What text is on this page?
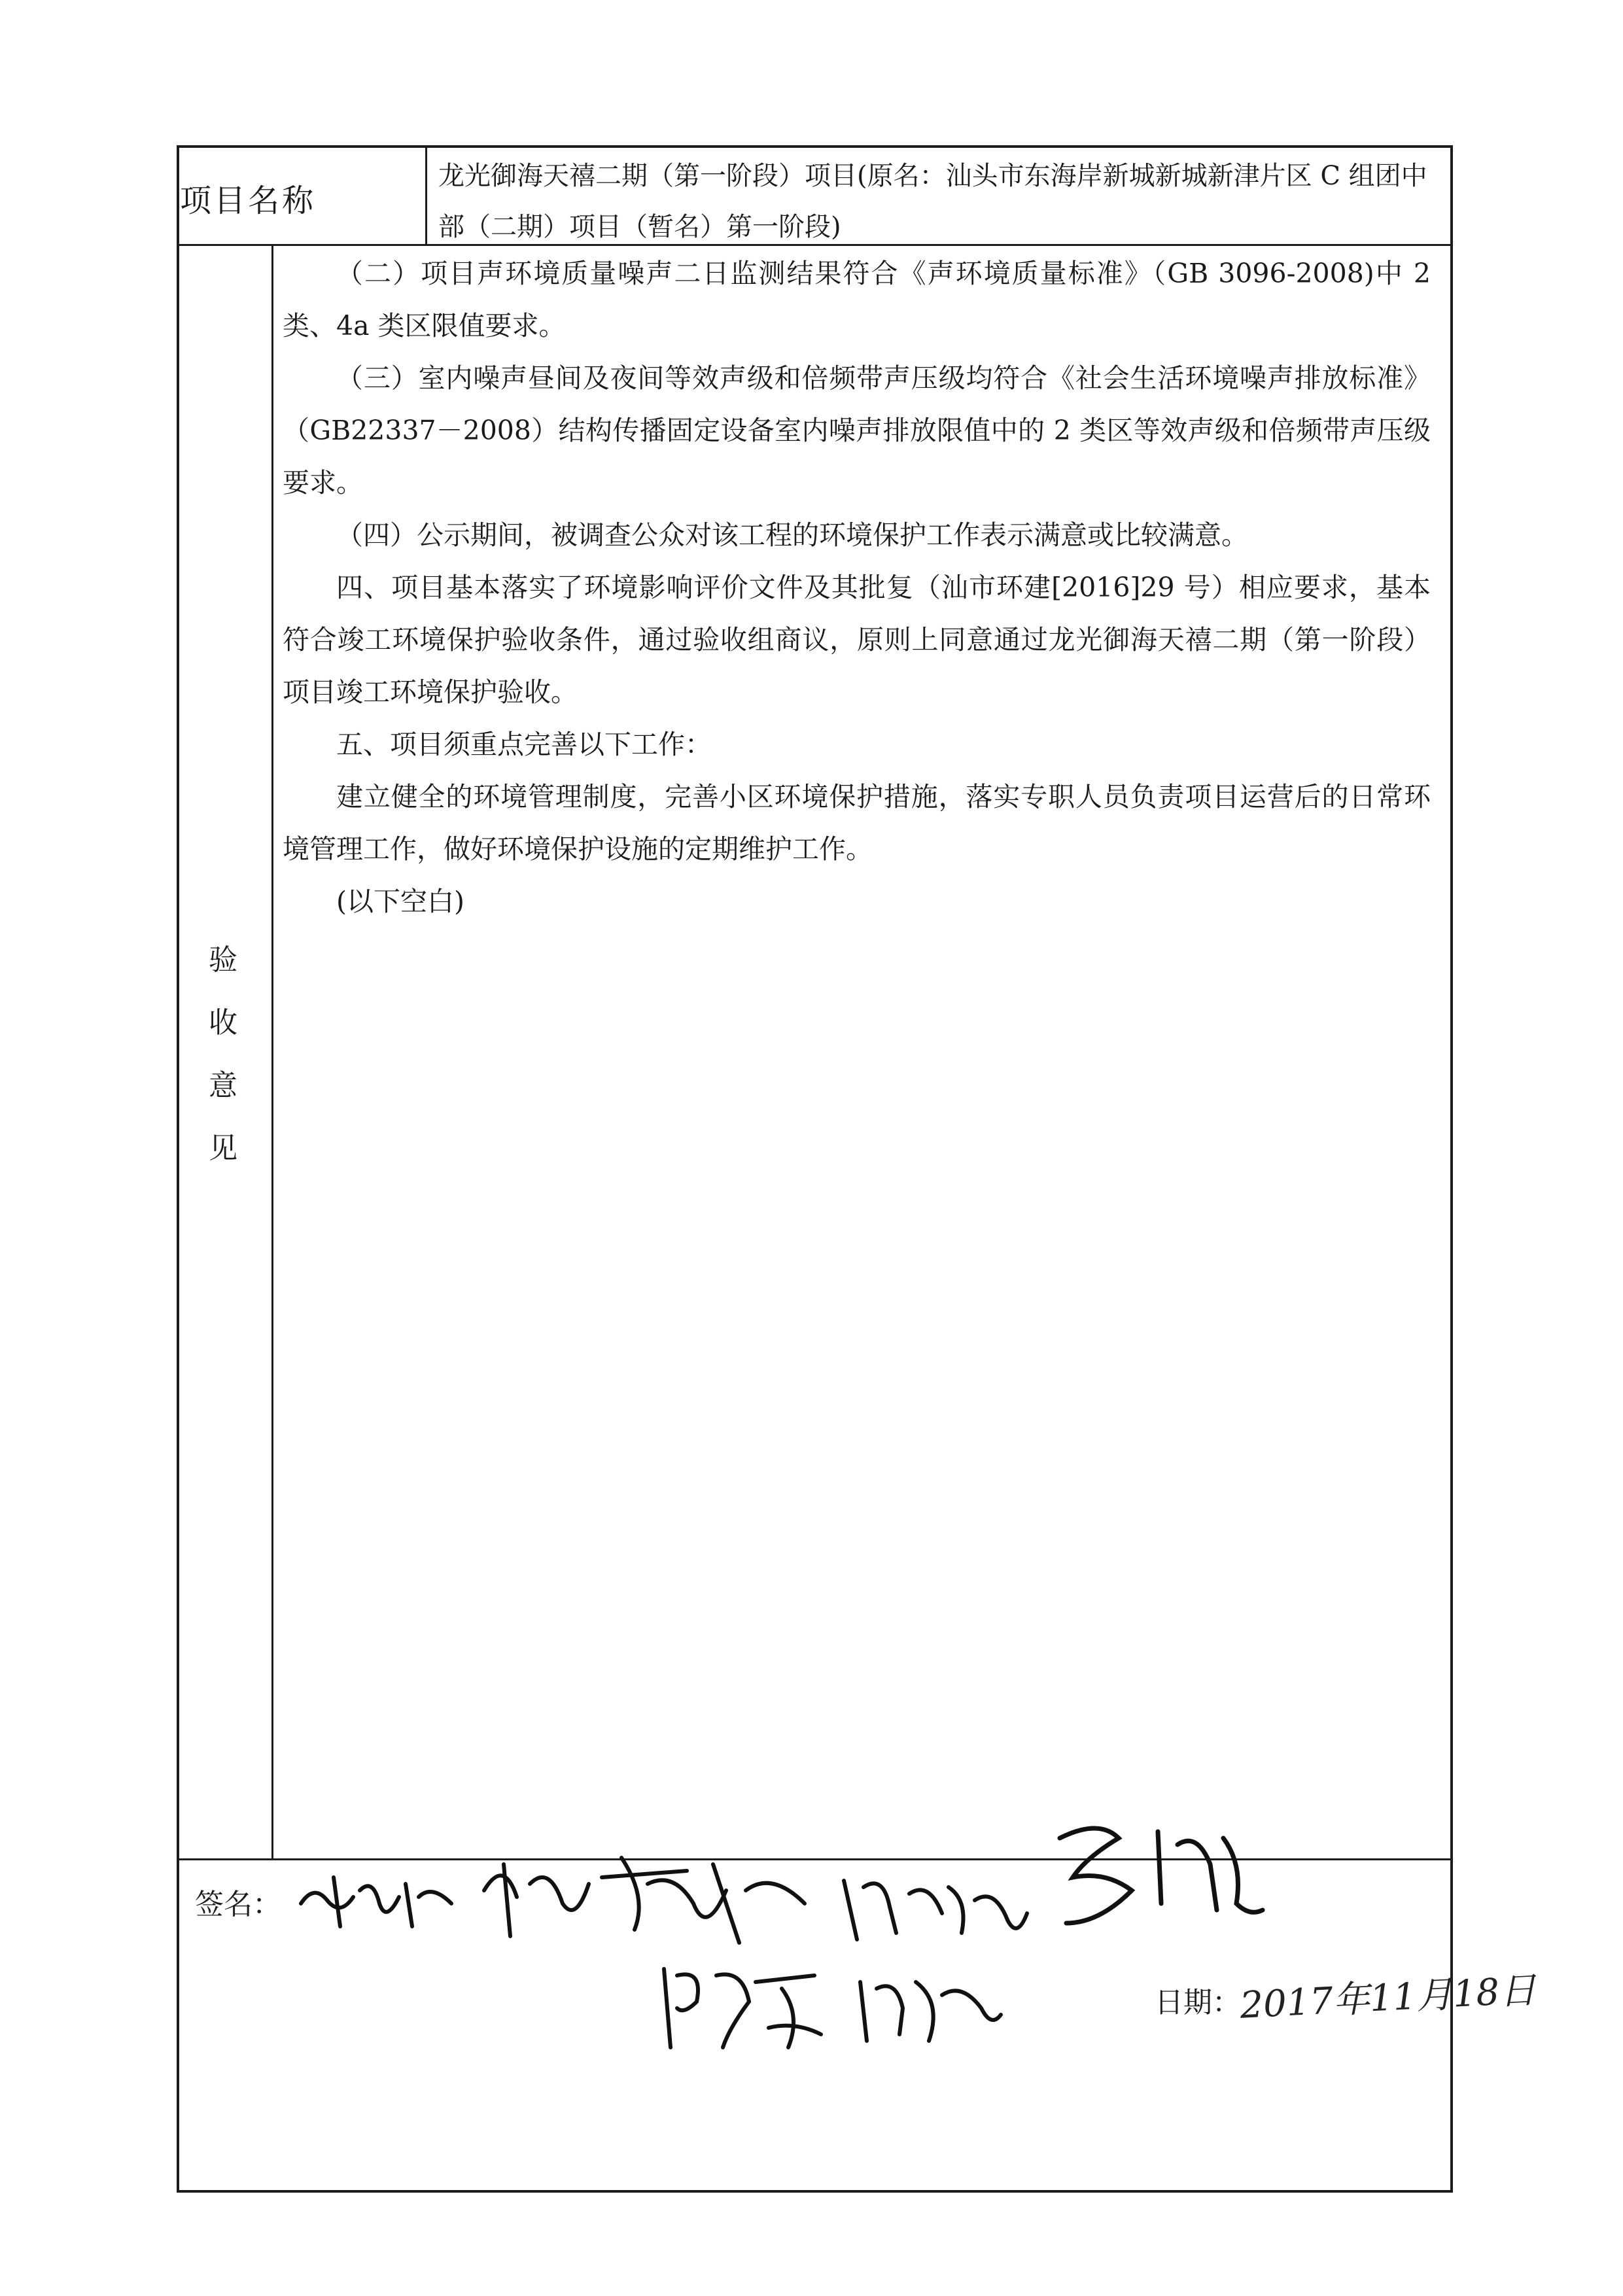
项目名称
龙光御海天禧二期（第一阶段）项目(原名：汕头市东海岸新城新城新津片区 C 组团中部（二期）项目（暂名）第一阶段)
验
收
意
见

（二）项目声环境质量噪声二日监测结果符合《声环境质量标准》（GB 3096-2008)中 2 类、4a 类区限值要求。

（三）室内噪声昼间及夜间等效声级和倍频带声压级均符合《社会生活环境噪声排放标准》（GB22337－2008）结构传播固定设备室内噪声排放限值中的 2 类区等效声级和倍频带声压级要求。

（四）公示期间，被调查公众对该工程的环境保护工作表示满意或比较满意。

四、项目基本落实了环境影响评价文件及其批复（汕市环建[2016]29 号）相应要求，基本符合竣工环境保护验收条件，通过验收组商议，原则上同意通过龙光御海天禧二期（第一阶段）项目竣工环境保护验收。

五、项目须重点完善以下工作：

建立健全的环境管理制度，完善小区环境保护措施，落实专职人员负责项目运营后的日常环境管理工作，做好环境保护设施的定期维护工作。

(以下空白)

签名：
日期：
2017年11月18日
